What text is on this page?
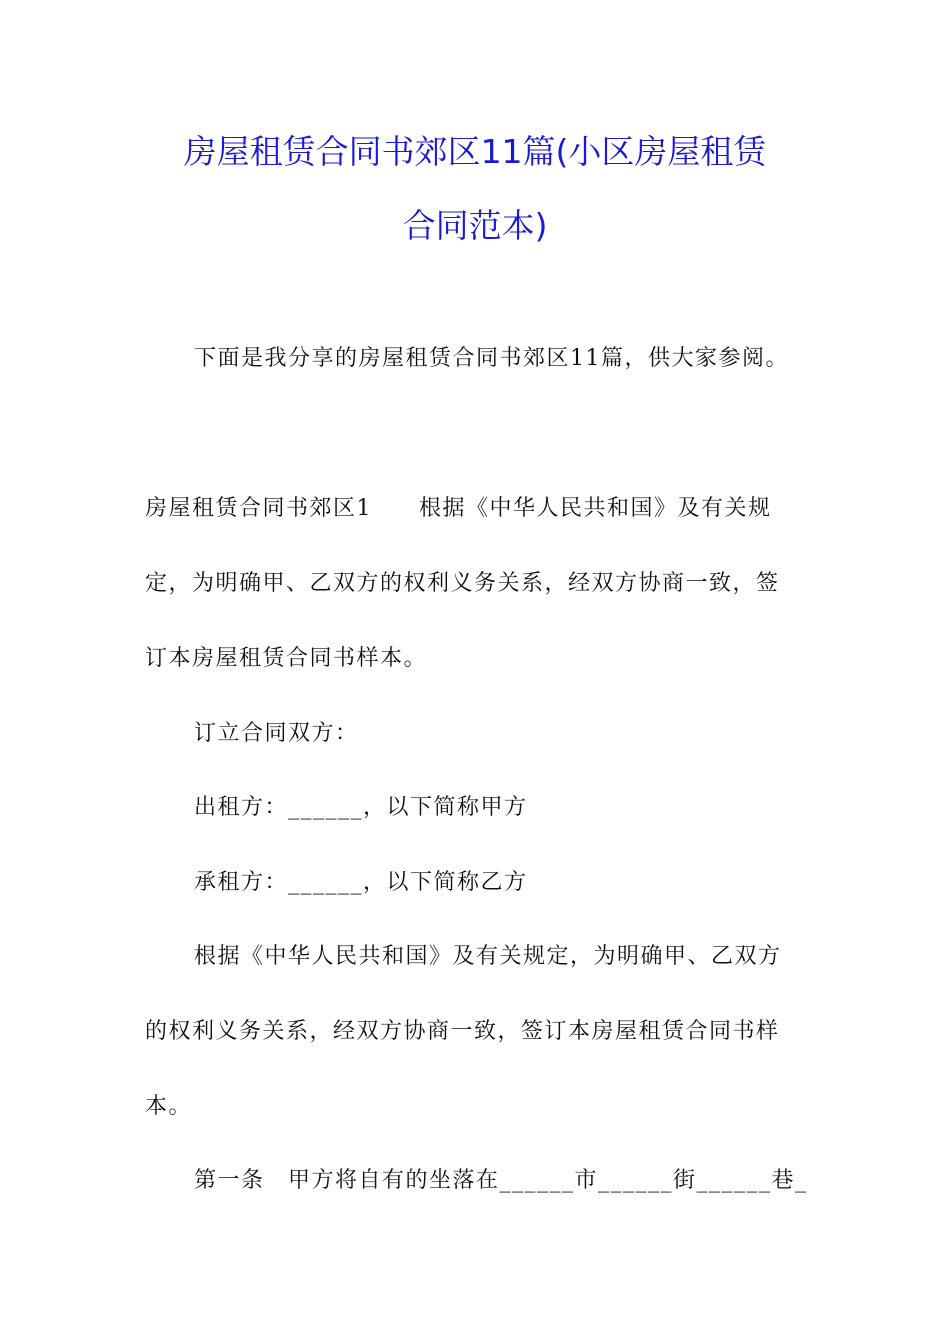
房屋租赁合同书郊区11篇(小区房屋租赁
合同范本)
下面是我分享的房屋租赁合同书郊区11篇，供大家参阅。
房屋租赁合同书郊区1　　根据《中华人民共和国》及有关规
定，为明确甲、乙双方的权利义务关系，经双方协商一致，签
订本房屋租赁合同书样本。
订立合同双方：
出租方：______，以下简称甲方
承租方：______，以下简称乙方
根据《中华人民共和国》及有关规定，为明确甲、乙双方
的权利义务关系，经双方协商一致，签订本房屋租赁合同书样
本。
第一条　甲方将自有的坐落在______市______街______巷_
